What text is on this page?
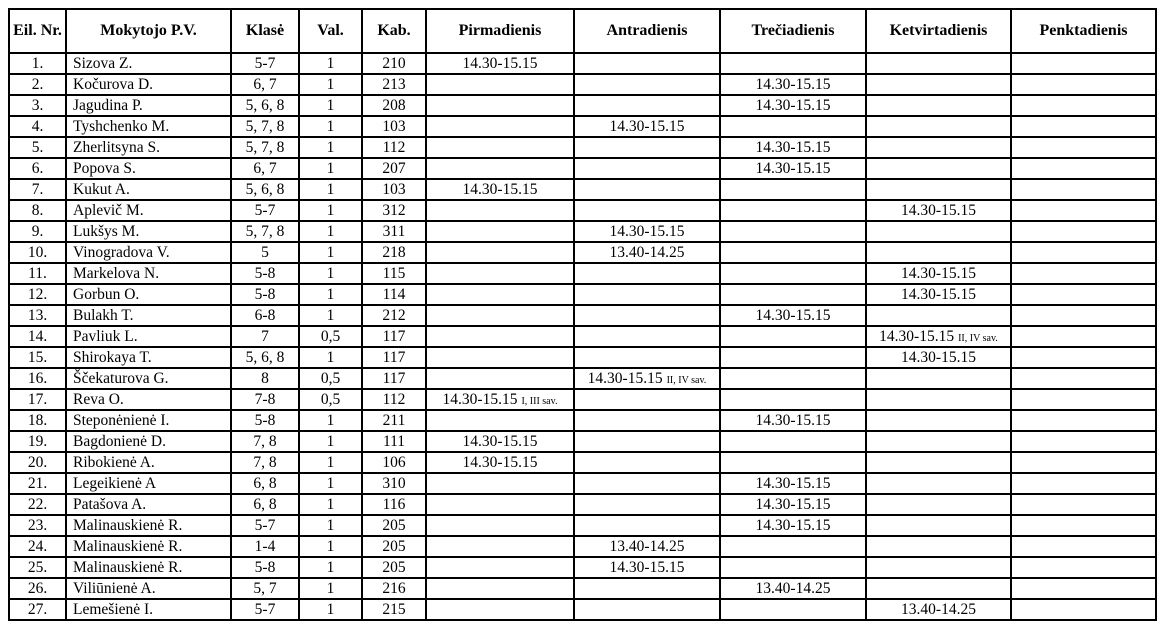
Eil. Nr.	Mokytojo P.V.	Klasė	Val.	Kab.	Pirmadienis	Antradienis	Trečiadienis	Ketvirtadienis	Penktadienis
1.	Sizova Z.	5-7	1	210	14.30-15.15				
2.	Kočurova D.	6, 7	1	213			14.30-15.15		
3.	Jagudina P.	5, 6, 8	1	208			14.30-15.15		
4.	Tyshchenko M.	5, 7, 8	1	103		14.30-15.15			
5.	Zherlitsyna S.	5, 7, 8	1	112			14.30-15.15		
6.	Popova S.	6, 7	1	207			14.30-15.15		
7.	Kukut A.	5, 6, 8	1	103	14.30-15.15				
8.	Aplevič M.	5-7	1	312				14.30-15.15	
9.	Lukšys M.	5, 7, 8	1	311		14.30-15.15			
10.	Vinogradova V.	5	1	218		13.40-14.25			
11.	Markelova N.	5-8	1	115				14.30-15.15	
12.	Gorbun O.	5-8	1	114				14.30-15.15	
13.	Bulakh T.	6-8	1	212			14.30-15.15		
14.	Pavliuk L.	7	0,5	117				14.30-15.15 II, IV sav.	
15.	Shirokaya T.	5, 6, 8	1	117				14.30-15.15	
16.	Ščekaturova G.	8	0,5	117		14.30-15.15 II, IV sav.			
17.	Reva O.	7-8	0,5	112	14.30-15.15 I, III sav.				
18.	Steponėnienė I.	5-8	1	211			14.30-15.15		
19.	Bagdonienė D.	7, 8	1	111	14.30-15.15				
20.	Ribokienė A.	7, 8	1	106	14.30-15.15				
21.	Legeikienė A	6, 8	1	310			14.30-15.15		
22.	Patašova A.	6, 8	1	116			14.30-15.15		
23.	Malinauskienė R.	5-7	1	205			14.30-15.15		
24.	Malinauskienė R.	1-4	1	205		13.40-14.25			
25.	Malinauskienė R.	5-8	1	205		14.30-15.15			
26.	Viliūnienė A.	5, 7	1	216			13.40-14.25		
27.	Lemešienė I.	5-7	1	215				13.40-14.25	
